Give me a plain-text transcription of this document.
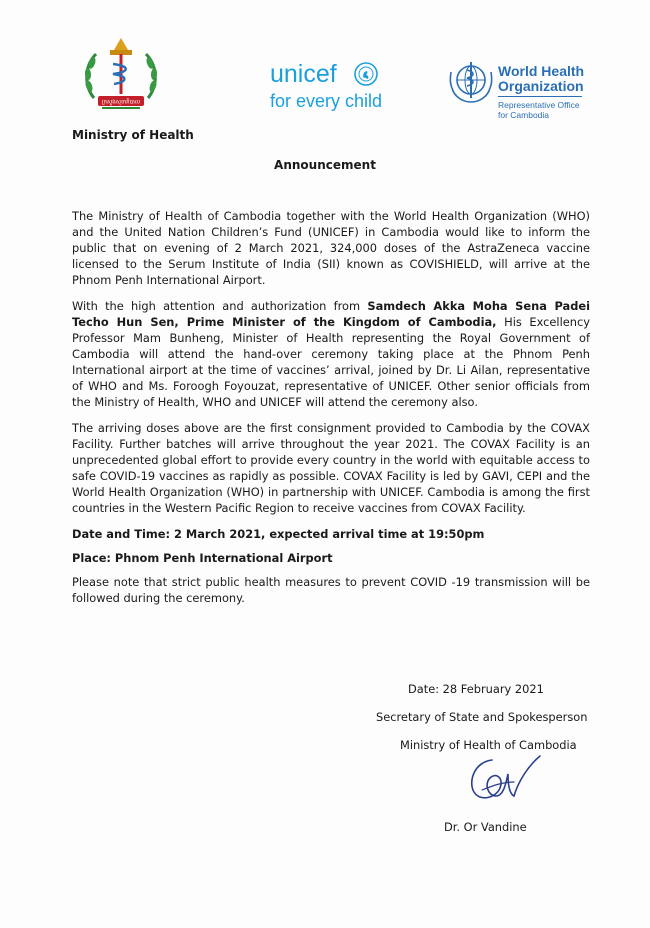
ក្រសួងសុខាភិបាល
Ministry of Health
unicef
for every child
World Health
Organization
Representative Office
for Cambodia
Announcement

The Ministry of Health of Cambodia together with the World Health Organization (WHO) and the United Nation Children’s Fund (UNICEF) in Cambodia would like to inform the public that on evening of 2 March 2021, 324,000 doses of the AstraZeneca vaccine licensed to the Serum Institute of India (SII) known as COVISHIELD, will arrive at the Phnom Penh International Airport.

With the high attention and authorization from Samdech Akka Moha Sena Padei Techo Hun Sen, Prime Minister of the Kingdom of Cambodia, His Excellency Professor Mam Bunheng, Minister of Health representing the Royal Government of Cambodia will attend the hand-over ceremony taking place at the Phnom Penh International airport at the time of vaccines’ arrival, joined by Dr. Li Ailan, representative of WHO and Ms. Foroogh Foyouzat, representative of UNICEF. Other senior officials from the Ministry of Health, WHO and UNICEF will attend the ceremony also.

The arriving doses above are the first consignment provided to Cambodia by the COVAX Facility. Further batches will arrive throughout the year 2021. The COVAX Facility is an unprecedented global effort to provide every country in the world with equitable access to safe COVID-19 vaccines as rapidly as possible. COVAX Facility is led by GAVI, CEPI and the World Health Organization (WHO) in partnership with UNICEF. Cambodia is among the first countries in the Western Pacific Region to receive vaccines from COVAX Facility.

Date and Time: 2 March 2021, expected arrival time at 19:50pm

Place: Phnom Penh International Airport

Please note that strict public health measures to prevent COVID -19 transmission will be followed during the ceremony.

Date: 28 February 2021
Secretary of State and Spokesperson
Ministry of Health of Cambodia
Dr. Or Vandine
